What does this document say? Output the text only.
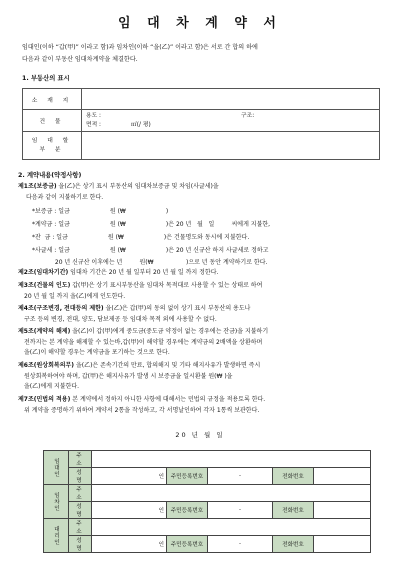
임 대 차 계 약 서
임대인(이하 “갑(甲)” 이라고 함)과 임차인(이하 “을(乙)” 이라고 함)은 서로 간 합의 하에
다음과 같이 부동산 임대차계약을 체결한다.
1. 부동산의 표시
소 재 지	
건 물	용도 : 구조:
면적 : ㎡(/ 평)

임 대 할
부 분	

2. 계약내용(약정사항)
제1조(보증금) 을(乙)은 상기 표시 부동산의 임대차보증금 및 차임(사글세)을
다음과 같이 지불하기로 한다.
*보증금 : 일금                     원 (₩                     )
*계약금 : 일금                     원 (₩                     )은 20 년   월   일         씨에게 지불한,
*잔  금 : 일금                     원 (₩                     )은 건물명도와 동시에 지불한다.
*사글세 : 일금                     원 (₩                     )은 20 년 신규산 하지 사글세로 정하고
20 년 신규산 이후에는 년         원(₩                 )으로 년 동안 계약하기로 한다.
제2조(임대차기간) 임대차 기간은 20 년 월 일부터 20 년 월 일 까지 정한다.
제3조(건물의 인도) 갑(甲)은 상기 표시부동산을 임대차 목적대로 사용할 수 있는 상태로 하여
20 년 월 일 까지 을(乙)에게 인도한다.
제4조(구조변경, 전대등의 제한) 을(乙)은 갑(甲)의 동의 없이 상기 표시 부동산의 용도나
구조 등의 변경, 전대, 양도, 담보제공 등 임대차 목적 외에 사용할 수 없다.
제5조(계약의 해제) 을(乙)이 갑(甲)에게 중도금(중도금 약정이 없는 경우에는 잔금)을 지불하기
전까지는 본 계약을 해제할 수 있는바,갑(甲)이 해약할 경우에는 계약금의 2배액을 상환하며
을(乙)이 해약할 경우는 계약금을 포기하는 것으로 한다.
제6조(원상회복의무) 을(乙)은 존속기간의 만료, 합의해지 및 기타 해지사유가 발생하면 즉시
원상회복하여야 하며, 갑(甲)은 해지사유가 발생 시 보증금을 일시환불 원(₩ )을
을(乙)에게 지불한다.
제7조(민법의 적용) 본 계약에서 정하지 아니한 사항에 대해서는 민법의 규정을 적용토록 한다.
위 계약을 증명하기 위하여 계약서 2통을 작성하고, 각 서명날인하여 각자 1통씩 보관한다.
20 년 월 일
임대인	주 소					
	성 명	인	주민등록번호	-	전화번호	
임차인	주 소					
	성 명	인	주민등록번호	-	전화번호	
대리인	주 소					
	성 명	인	주민등록번호	-	전화번호	
